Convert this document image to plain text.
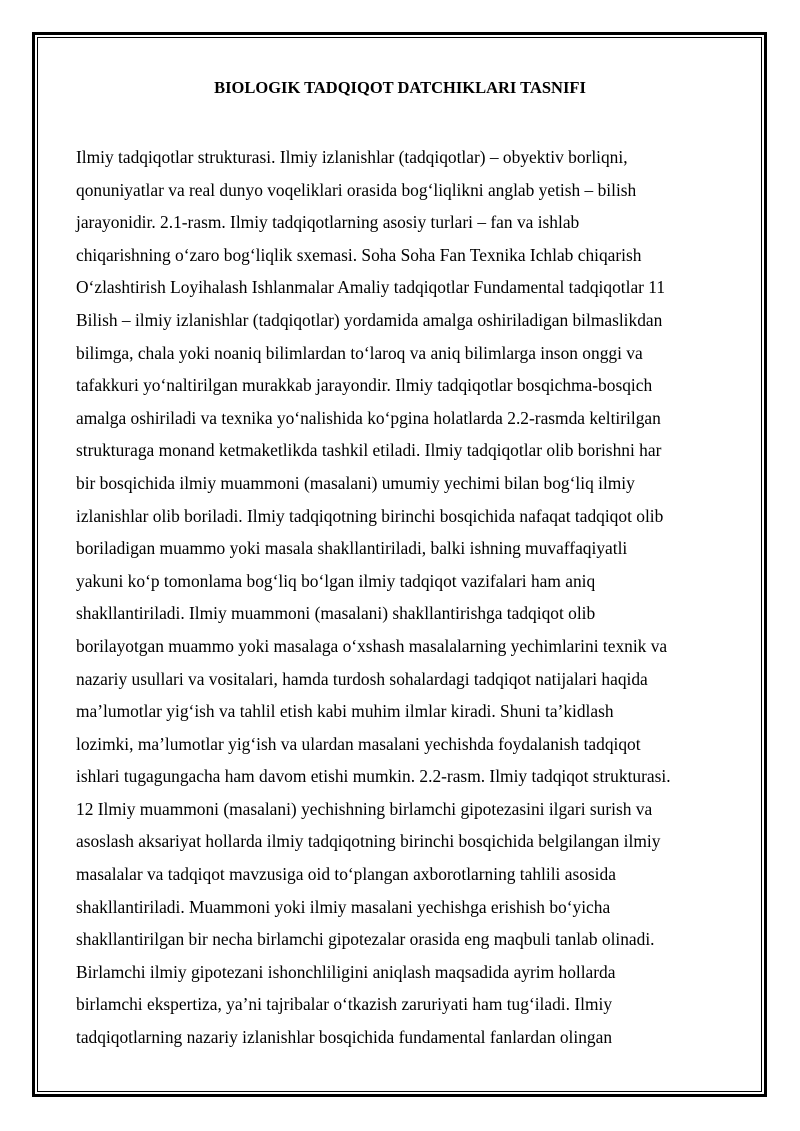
BIOLOGIK TADQIQOT DATCHIKLARI TASNIFI
Ilmiy tadqiqotlar strukturasi. Ilmiy izlanishlar (tadqiqotlar) – obyektiv borliqni,
qonuniyatlar va real dunyo voqeliklari orasida bog‘liqlikni anglab yetish – bilish
jarayonidir. 2.1-rasm. Ilmiy tadqiqotlarning asosiy turlari – fan va ishlab
chiqarishning o‘zaro bog‘liqlik sxemasi. Soha Soha Fan Texnika Ichlab chiqarish
O‘zlashtirish Loyihalash Ishlanmalar Amaliy tadqiqotlar Fundamental tadqiqotlar 11
Bilish – ilmiy izlanishlar (tadqiqotlar) yordamida amalga oshiriladigan bilmaslikdan
bilimga, chala yoki noaniq bilimlardan to‘laroq va aniq bilimlarga inson onggi va
tafakkuri yo‘naltirilgan murakkab jarayondir. Ilmiy tadqiqotlar bosqichma-bosqich
amalga oshiriladi va texnika yo‘nalishida ko‘pgina holatlarda 2.2-rasmda keltirilgan
strukturaga monand ketmaketlikda tashkil etiladi. Ilmiy tadqiqotlar olib borishni har
bir bosqichida ilmiy muammoni (masalani) umumiy yechimi bilan bog‘liq ilmiy
izlanishlar olib boriladi. Ilmiy tadqiqotning birinchi bosqichida nafaqat tadqiqot olib
boriladigan muammo yoki masala shakllantiriladi, balki ishning muvaffaqiyatli
yakuni ko‘p tomonlama bog‘liq bo‘lgan ilmiy tadqiqot vazifalari ham aniq
shakllantiriladi. Ilmiy muammoni (masalani) shakllantirishga tadqiqot olib
borilayotgan muammo yoki masalaga o‘xshash masalalarning yechimlarini texnik va
nazariy usullari va vositalari, hamda turdosh sohalardagi tadqiqot natijalari haqida
ma’lumotlar yig‘ish va tahlil etish kabi muhim ilmlar kiradi. Shuni ta’kidlash
lozimki, ma’lumotlar yig‘ish va ulardan masalani yechishda foydalanish tadqiqot
ishlari tugagungacha ham davom etishi mumkin. 2.2-rasm. Ilmiy tadqiqot strukturasi.
12 Ilmiy muammoni (masalani) yechishning birlamchi gipotezasini ilgari surish va
asoslash aksariyat hollarda ilmiy tadqiqotning birinchi bosqichida belgilangan ilmiy
masalalar va tadqiqot mavzusiga oid to‘plangan axborotlarning tahlili asosida
shakllantiriladi. Muammoni yoki ilmiy masalani yechishga erishish bo‘yicha
shakllantirilgan bir necha birlamchi gipotezalar orasida eng maqbuli tanlab olinadi.
Birlamchi ilmiy gipotezani ishonchliligini aniqlash maqsadida ayrim hollarda
birlamchi ekspertiza, ya’ni tajribalar o‘tkazish zaruriyati ham tug‘iladi. Ilmiy
tadqiqotlarning nazariy izlanishlar bosqichida fundamental fanlardan olingan
